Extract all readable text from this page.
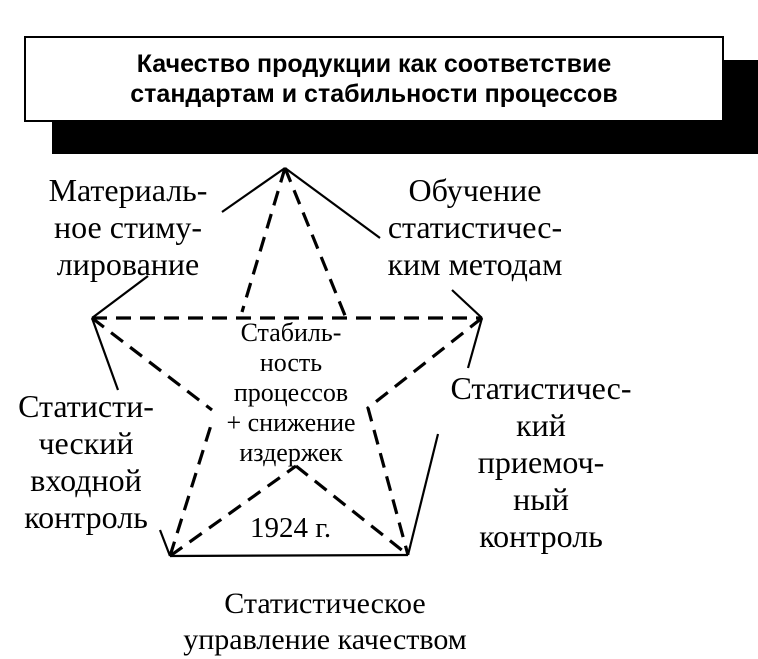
Качество продукции как соответствие
стандартам и стабильности процессов
Материаль-
ное стиму-
лирование
Обучение
статистичес-
ким методам
Стабиль-
ность
процессов
+ снижение
издержек
Статисти-
ческий
входной
контроль
Статистичес-
кий
приемоч-
ный
контроль
1924 г.
Статистическое
управление качеством
